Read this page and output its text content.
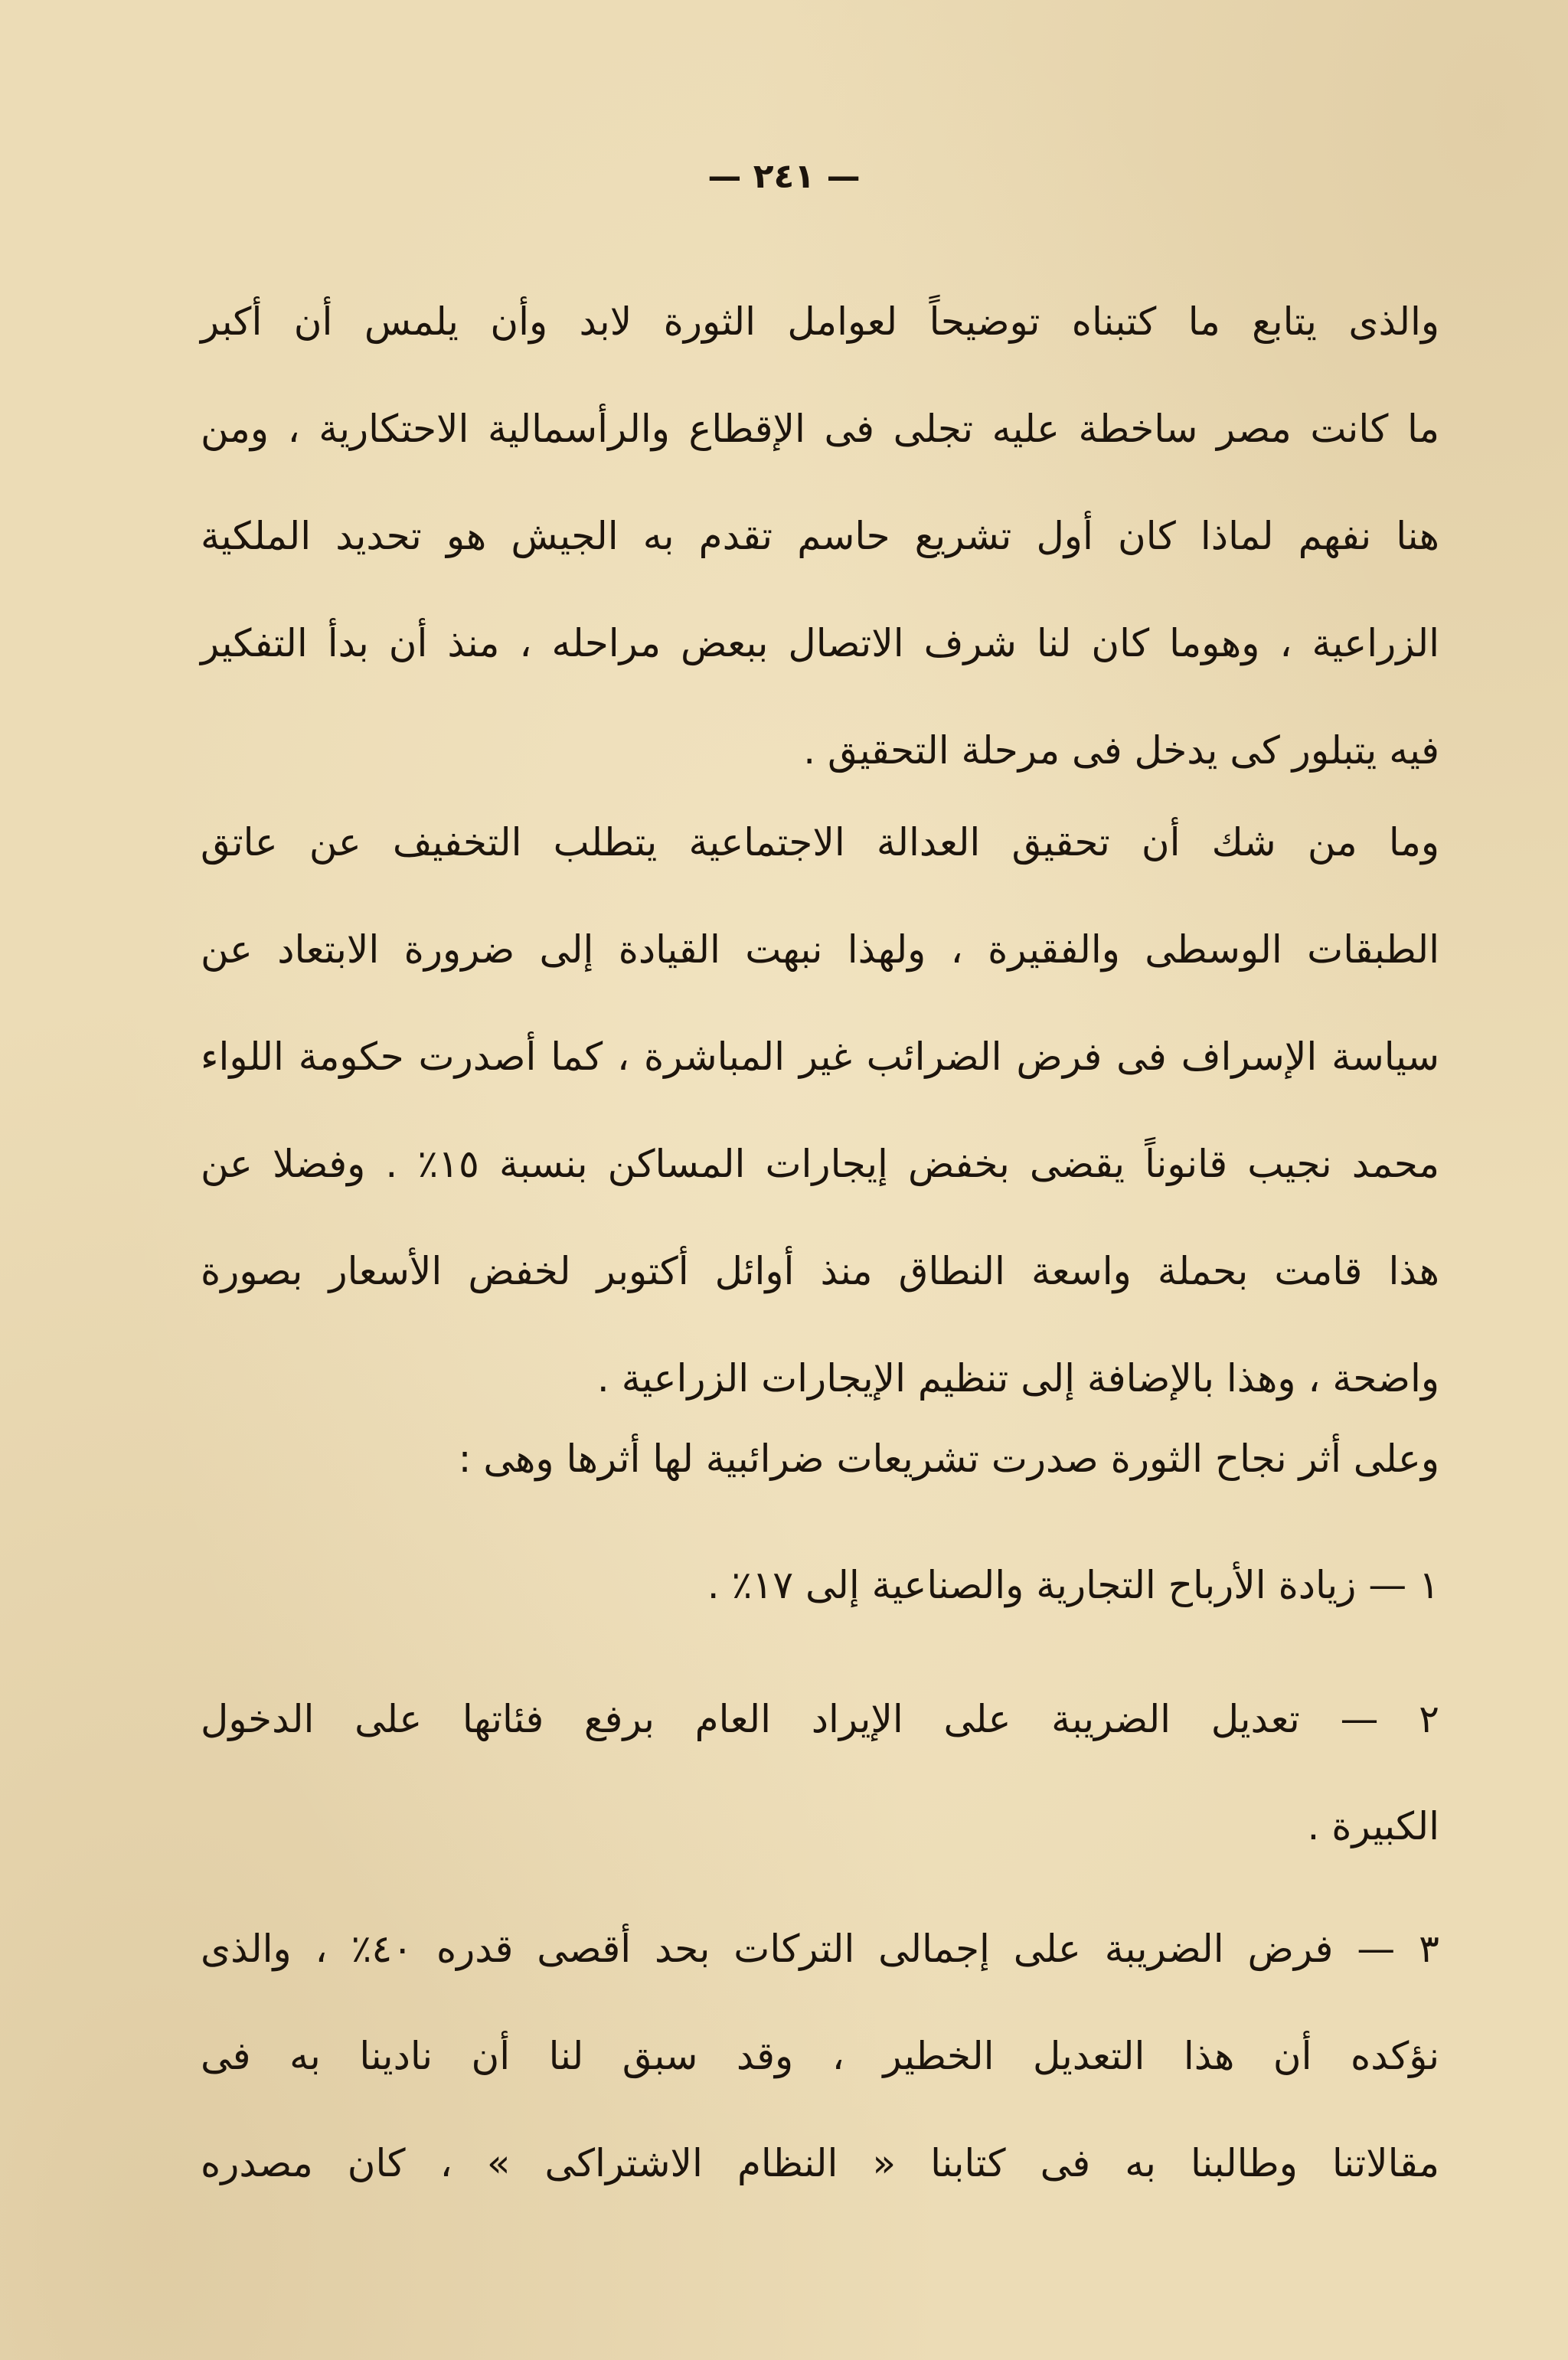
— ٢٤١ —
والذى يتابع ما كتبناه توضيحاً لعوامل الثورة لابد وأن يلمس أن أكبر
ما كانت مصر ساخطة عليه تجلى فى الإقطاع والرأسمالية الاحتكارية ، ومن
هنا نفهم لماذا كان أول تشريع حاسم تقدم به الجيش هو تحديد الملكية
الزراعية ، وهوما كان لنا شرف الاتصال ببعض مراحله ، منذ أن بدأ التفكير
فيه يتبلور كى يدخل فى مرحلة التحقيق .
وما من شك أن تحقيق العدالة الاجتماعية يتطلب التخفيف عن عاتق
الطبقات الوسطى والفقيرة ، ولهذا نبهت القيادة إلى ضرورة الابتعاد عن
سياسة الإسراف فى فرض الضرائب غير المباشرة ، كما أصدرت حكومة اللواء
محمد نجيب قانوناً يقضى بخفض إيجارات المساكن بنسبة ١٥٪ . وفضلا عن
هذا قامت بحملة واسعة النطاق منذ أوائل أكتوبر لخفض الأسعار بصورة
واضحة ، وهذا بالإضافة إلى تنظيم الإيجارات الزراعية .
وعلى أثر نجاح الثورة صدرت تشريعات ضرائبية لها أثرها وهى :
١ — زيادة الأرباح التجارية والصناعية إلى ١٧٪ .
٢ — تعديل الضريبة على الإيراد العام برفع فئاتها على الدخول
الكبيرة .
٣ — فرض الضريبة على إجمالى التركات بحد أقصى قدره ٤٠٪ ، والذى
نؤكده أن هذا التعديل الخطير ، وقد سبق لنا أن نادينا به فى
مقالاتنا وطالبنا به فى كتابنا « النظام الاشتراكى » ، كان مصدره
